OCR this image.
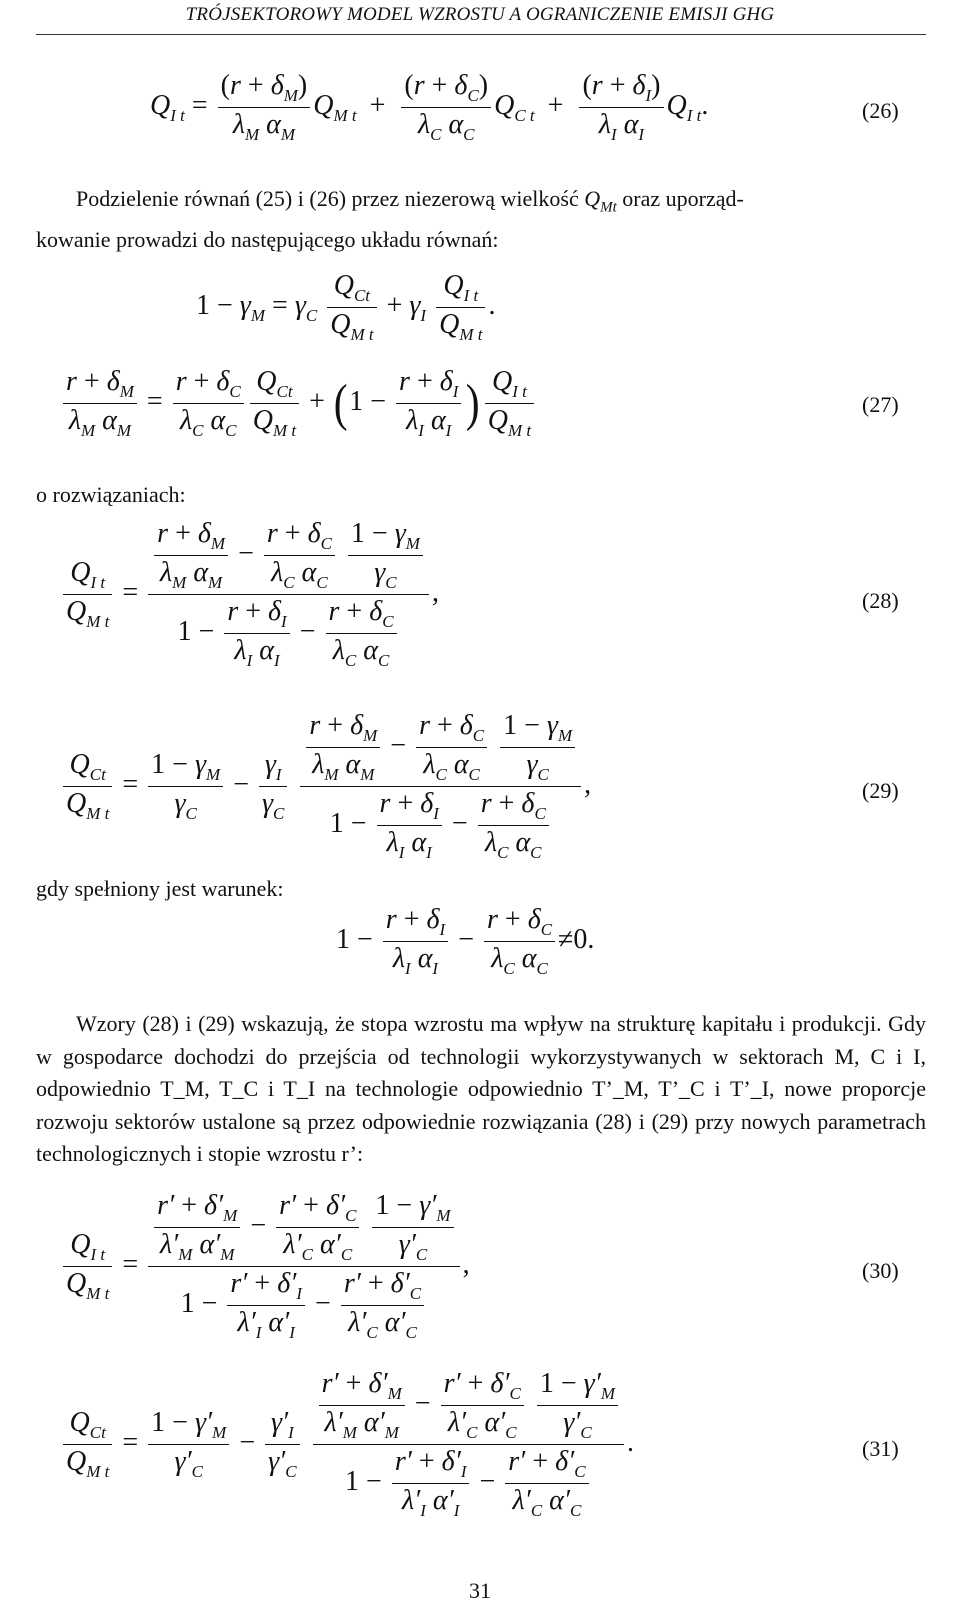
TRÓJSEKTOROWY MODEL WZROSTU A OGRANICZENIE EMISJI GHG
$Q_{I t} = \frac{(r + \delta_M)}{\lambda_M \alpha_M} Q_{M t} + \frac{(r + \delta_C)}{\lambda_C \alpha_C} Q_{C t} + \frac{(r + \delta_I)}{\lambda_I \alpha_I} Q_{I t}$.	(26)

Podzielenie równań (25) i (26) przez niezerową wielkość $Q_{Mt}$ oraz uporząd-

kowanie prowadzi do następującego układu równań:

$1 - \gamma_M = \gamma_C \frac{Q_{Ct}}{Q_{M t}} + \gamma_I \frac{Q_{I t}}{Q_{M t}}$ .
$\frac{r + \delta_M}{\lambda_M \alpha_M} = \frac{r + \delta_C}{\lambda_C \alpha_C} \frac{Q_{Ct}}{Q_{M t}} + (1 - \frac{r + \delta_I}{\lambda_I \alpha_I}$ ) $\frac{Q_{I t}}{Q_{M t}}$	(27)
o rozwiązaniach:
$\frac{Q_{I t}}{Q_{M t}} = \frac{r + \delta_M}{\lambda_M \alpha_M} - \frac{r + \delta_C}{\lambda_C \alpha_C}$
$\frac{1 - \gamma_M}{\gamma_C}$
$1 - \frac{r + \delta_I}{\lambda_I \alpha_I} - \frac{r + \delta_C}{\lambda_C \alpha_C}$ ,	(28)
$\frac{Q_{Ct}}{Q_{M t}} = \frac{1 - \gamma_M}{\gamma_C} - \frac{\gamma_I}{\gamma_C}$
$\frac{r + \delta_M}{\lambda_M \alpha_M} - \frac{r + \delta_C}{\lambda_C \alpha_C}$
$\frac{1 - \gamma_M}{\gamma_C}$
$1 - \frac{r + \delta_I}{\lambda_I \alpha_I} - \frac{r + \delta_C}{\lambda_C \alpha_C}$ ,	(29)
gdy spełniony jest warunek:
$1 - \frac{r + \delta_I}{\lambda_I \alpha_I} - \frac{r + \delta_C}{\lambda_C \alpha_C} \ne 0$.

Wzory (28) i (29) wskazują, że stopa wzrostu ma wpływ na strukturę kapitału i produkcji. Gdy w gospodarce dochodzi do przejścia od technologii wykorzystywanych w sektorach M, C i I, odpowiednio T_M, T_C i T_I na technologie odpowiednio T’_M, T’_C i T’_I, nowe proporcje rozwoju sektorów ustalone są przez odpowiednie rozwiązania (28) i (29) przy nowych parametrach technologicznych i stopie wzrostu r’:

$\frac{Q_{I t}}{Q_{M t}}$ =
$\frac{r' + \delta'_M}{\lambda'_M \alpha'_M} - \frac{r' + \delta'_C}{\lambda'_C \alpha'_C}$
$\frac{1 - \gamma'_M}{\gamma'_C}$
$1 - \frac{r' + \delta'_I}{\lambda'_I \alpha'_I} - \frac{r' + \delta'_C}{\lambda'_C \alpha'_C}$
,	(30)
$\frac{Q_{Ct}}{Q_{M t}} = \frac{1 - \gamma'_M}{\gamma'_C} - \frac{\gamma'_I}{\gamma'_C}$

$\frac{r' + \delta'_M}{\lambda'_M \alpha'_M} - \frac{r' + \delta'_C}{\lambda'_C \alpha'_C}$
$\frac{1 - \gamma'_M}{\gamma'_C}$
$1 - \frac{r' + \delta'_I}{\lambda'_I \alpha'_I} - \frac{r' + \delta'_C}{\lambda'_C \alpha'_C}$
.	(31)
31
